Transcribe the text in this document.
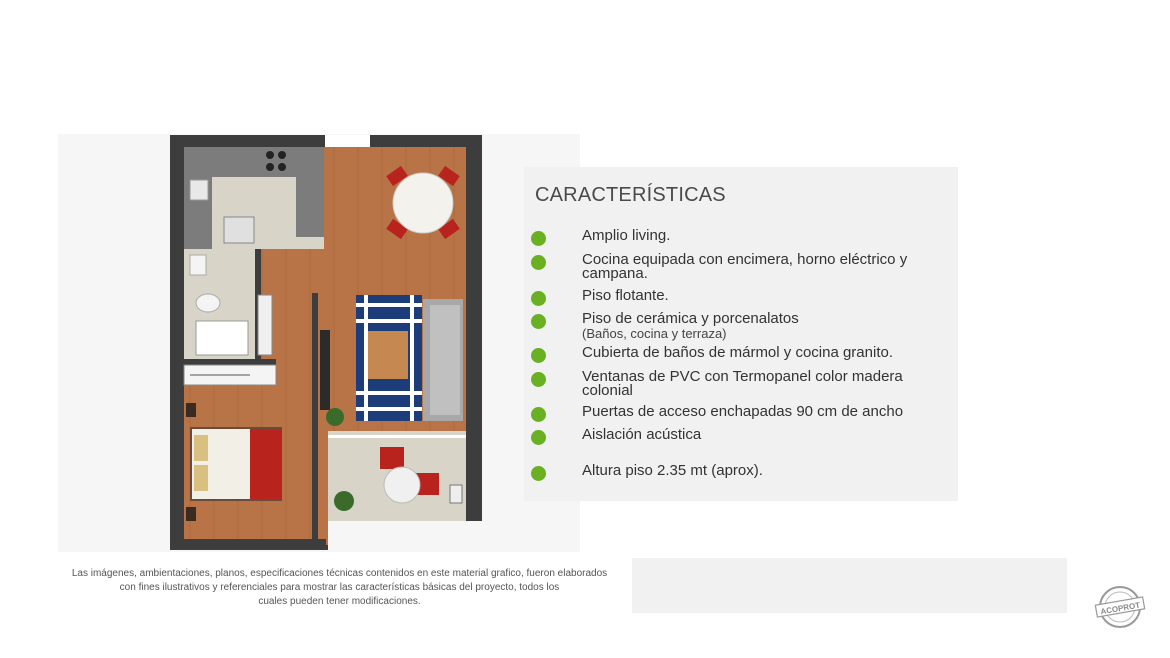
CARACTERÍSTICAS
Amplio living.
Cocina equipada con encimera, horno eléctrico y campana.
Piso flotante.
Piso de cerámica y porcenalatos
(Baños, cocina y terraza)
Cubierta de baños de mármol y cocina granito.
Ventanas de PVC con Termopanel color madera colonial
Puertas de acceso enchapadas 90 cm de ancho
Aislación acústica
Altura piso 2.35 mt (aprox).
Las imágenes, ambientaciones, planos, especificaciones técnicas contenidos en este material grafico, fueron elaborados
con fines ilustrativos y referenciales para mostrar las características básicas del proyecto, todos los
cuales pueden tener modificaciones.	ACOPROT
